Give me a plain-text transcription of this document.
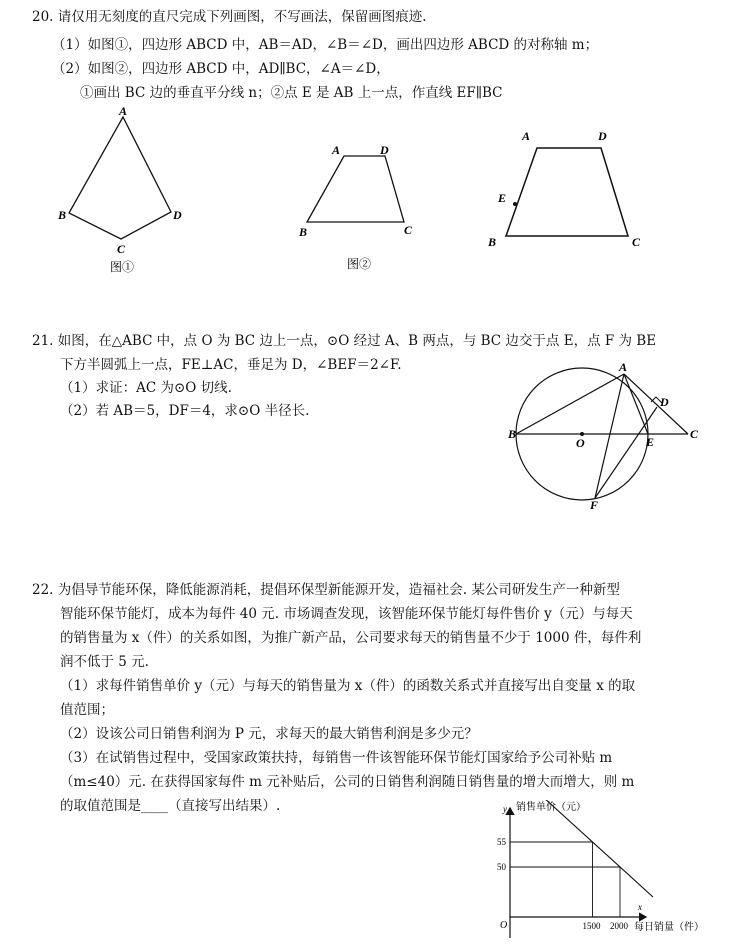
20. 请仅用无刻度的直尺完成下列画图，不写画法，保留画图痕迹.
（1）如图①，四边形 ABCD 中，AB＝AD，∠B＝∠D，画出四边形 ABCD 的对称轴 m；
（2）如图②，四边形 ABCD 中，AD∥BC，∠A＝∠D，
①画出 BC 边的垂直平分线 n；②点 E 是 AB 上一点，作直线 EF∥BC
A
B
C
D
图①
A	D
B	C
图②
A	D
E
B	C
21. 如图，在△ABC 中，点 O 为 BC 边上一点，⊙O 经过 A、B 两点，与 BC 边交于点 E，点 F 为 BE
下方半圆弧上一点，FE⊥AC，垂足为 D，∠BEF＝2∠F.
（1）求证：AC 为⊙O 切线.
（2）若 AB＝5，DF＝4，求⊙O 半径长.
A
B
O	E
C
D
F
22. 为倡导节能环保，降低能源消耗，提倡环保型新能源开发，造福社会. 某公司研发生产一种新型
智能环保节能灯，成本为每件 40 元. 市场调查发现，该智能环保节能灯每件售价 y（元）与每天
的销售量为 x（件）的关系如图，为推广新产品，公司要求每天的销售量不少于 1000 件，每件利
润不低于 5 元.
（1）求每件销售单价 y（元）与每天的销售量为 x（件）的函数关系式并直接写出自变量 x 的取
值范围；
（2）设该公司日销售利润为 P 元，求每天的最大销售利润是多少元？
（3）在试销售过程中，受国家政策扶持，每销售一件该智能环保节能灯国家给予公司补贴 m
（m≤40）元. 在获得国家每件 m 元补贴后，公司的日销售利润随日销售量的增大而增大，则 m
的取值范围是____（直接写出结果）.	y 销售单价（元）
x
每日销量（件）
O	1500 2000
50
55
